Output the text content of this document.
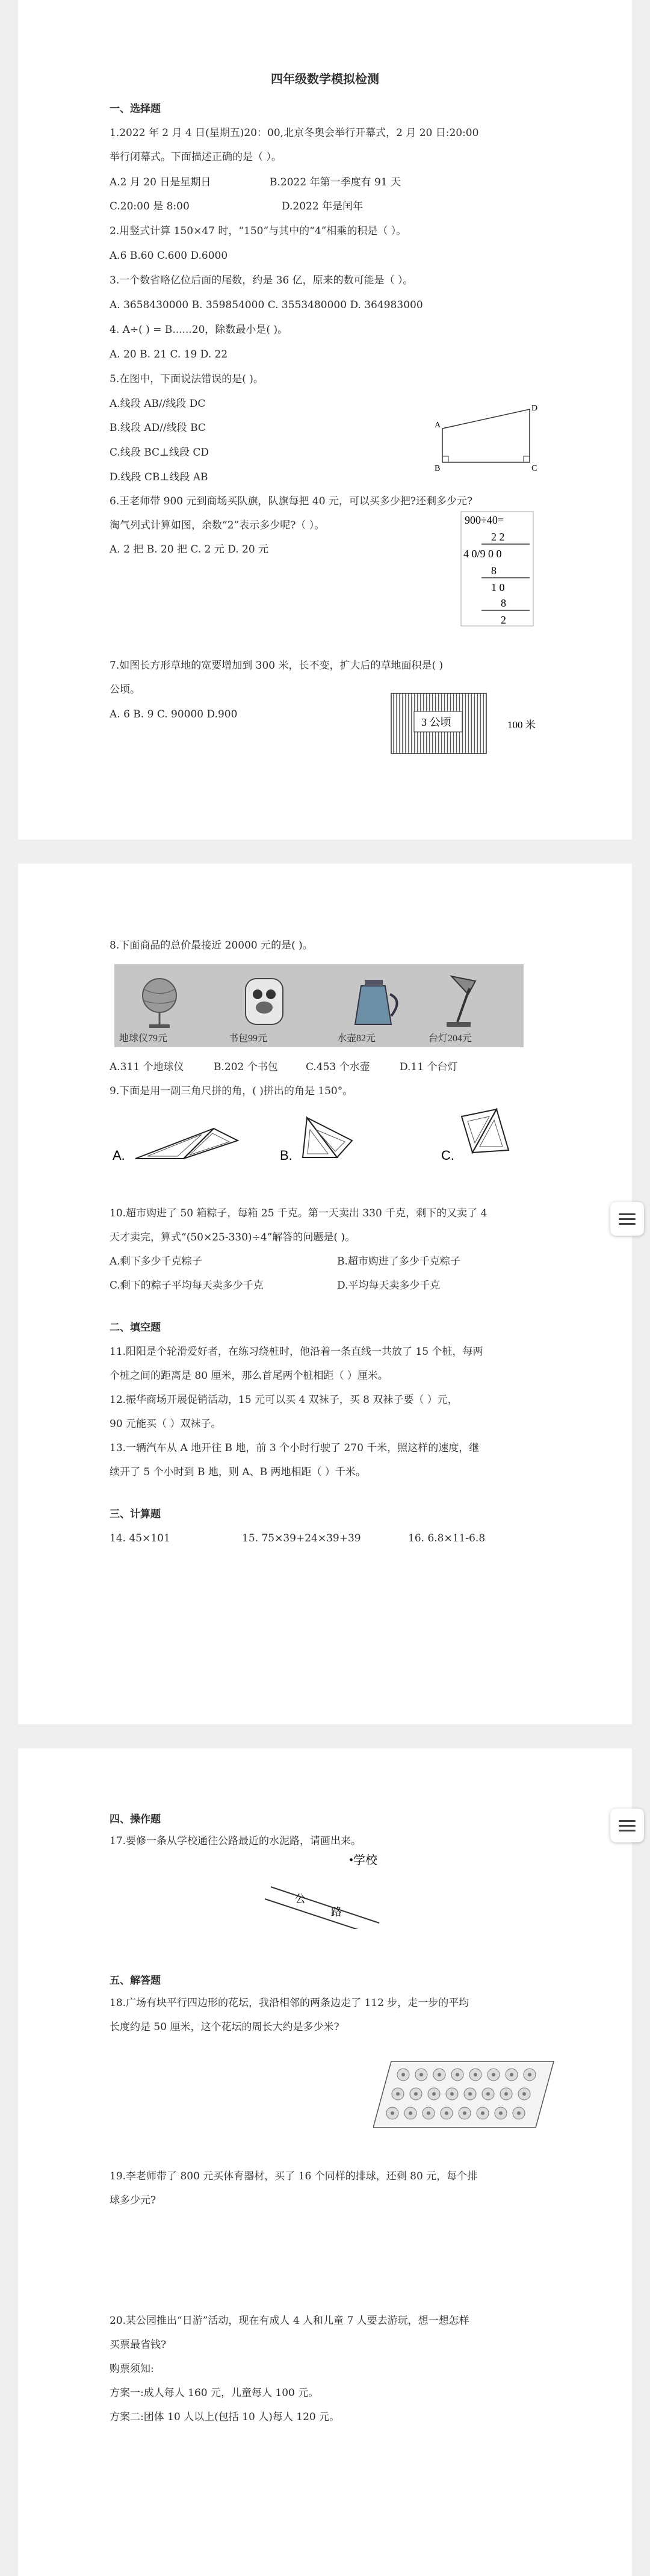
四年级数学模拟检测
一、选择题
1.2022 年 2 月 4 日(星期五)20：00,北京冬奥会举行开幕式，2 月 20 日:20:00
举行闭幕式。下面描述正确的是（ ）。
A.2 月 20 日是星期日	B.2022 年第一季度有 91 天
C.20:00 是 8:00	D.2022 年是闰年
2.用竖式计算 150×47 时，“150”与其中的“4”相乘的积是（ ）。
A.6 B.60 C.600 D.6000
3.一个数省略亿位后面的尾数，约是 36 亿，原来的数可能是（ ）。
A. 3658430000 B. 359854000 C. 3553480000 D. 364983000
4. A÷( ) = B......20，除数最小是( )。
A. 20 B. 21 C. 19 D. 22
5.在图中，下面说法错误的是( )。
A.线段 AB//线段 DC
B.线段 AD//线段 BC
C.线段 BC⊥线段 CD
D.线段 CB⊥线段 AB
A
B	C
D
6.王老师带 900 元到商场买队旗，队旗每把 40 元，可以买多少把?还剩多少元?
淘气列式计算如图，余数“2”表示多少呢?（ ）。
A. 2 把 B. 20 把 C. 2 元 D. 20 元
900÷40=
2 2
4 0/9 0 0
8
1 0
8
2
7.如图长方形草地的宽要增加到 300 米，长不变，扩大后的草地面积是( )
公顷。
A. 6 B. 9 C. 90000 D.900
3 公顷	100 米
8.下面商品的总价最接近 20000 元的是( )。
地球仪79元	书包99元	水壶82元	台灯204元
A.311 个地球仪	B.202 个书包	C.453 个水壶	D.11 个台灯
9.下面是用一副三角尺拼的角，( )拼出的角是 150°。
A.	B.	C.
10.超市购进了 50 箱粽子，每箱 25 千克。第一天卖出 330 千克，剩下的又卖了 4
天才卖完，算式“(50×25-330)÷4”解答的问题是( )。
A.剩下多少千克粽子	B.超市购进了多少千克粽子
C.剩下的粽子平均每天卖多少千克	D.平均每天卖多少千克
二、填空题
11.阳阳是个轮滑爱好者，在练习绕桩时，他沿着一条直线一共放了 15 个桩，每两
个桩之间的距离是 80 厘米，那么首尾两个桩相距（ ）厘米。
12.振华商场开展促销活动，15 元可以买 4 双袜子，买 8 双袜子要（ ）元，
90 元能买（ ）双袜子。
13.一辆汽车从 A 地开往 B 地，前 3 个小时行驶了 270 千米，照这样的速度，继
续开了 5 个小时到 B 地，则 A、B 两地相距（ ）千米。
三、计算题
14. 45×101	15. 75×39+24×39+39	16. 6.8×11-6.8
四、操作题
17.要修一条从学校通往公路最近的水泥路，请画出来。
•学校
公
路
五、解答题
18.广场有块平行四边形的花坛，我沿相邻的两条边走了 112 步，走一步的平均
长度约是 50 厘米，这个花坛的周长大约是多少米?
19.李老师带了 800 元买体育器材，买了 16 个同样的排球，还剩 80 元，每个排
球多少元?
20.某公园推出“日游”活动，现在有成人 4 人和儿童 7 人要去游玩，想一想怎样
买票最省钱?
购票须知:
方案一:成人每人 160 元，儿童每人 100 元。
方案二:团体 10 人以上(包括 10 人)每人 120 元。
